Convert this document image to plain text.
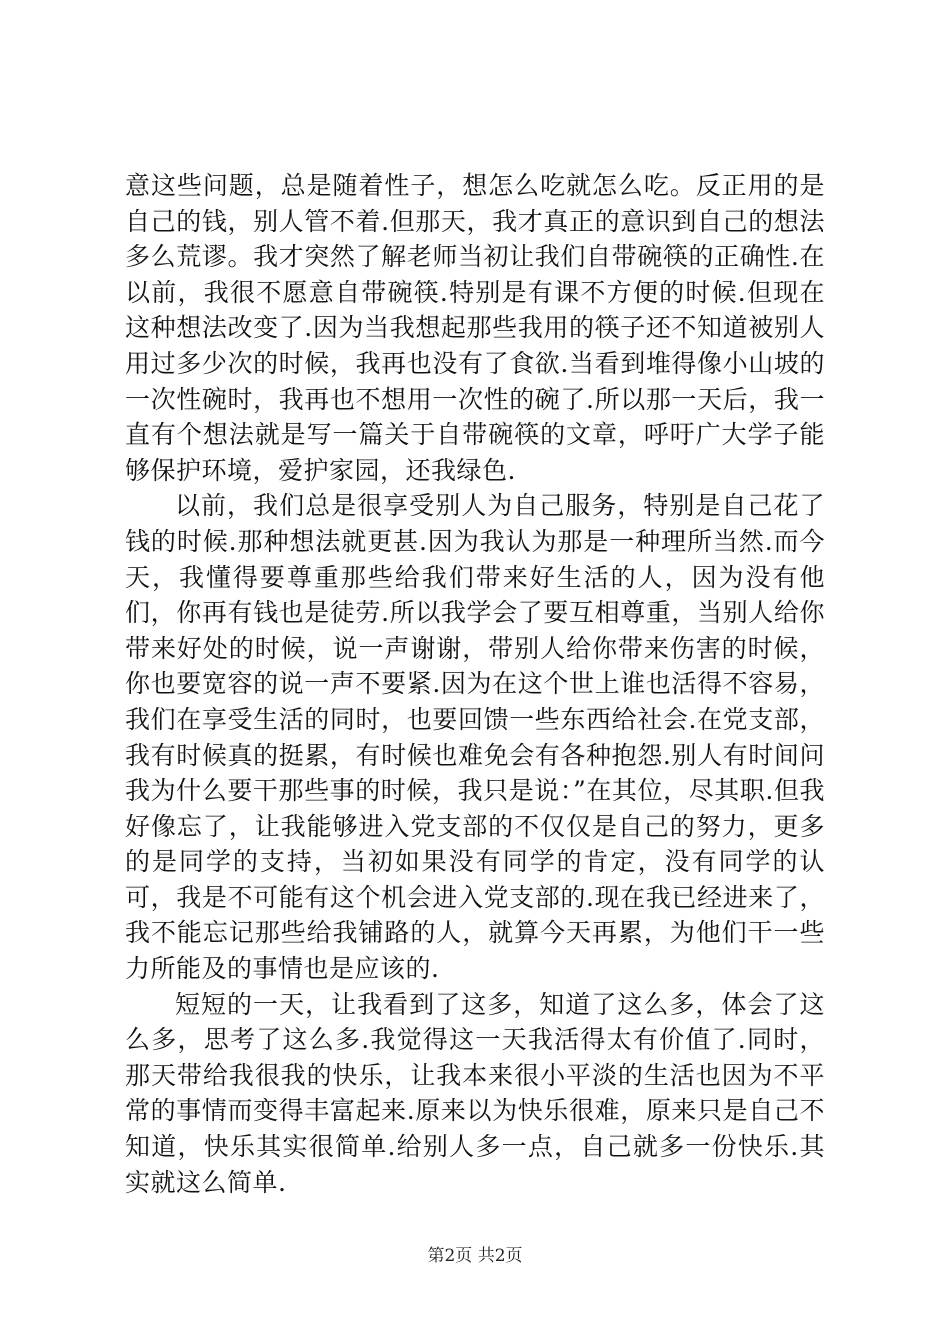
意这些问题，总是随着性子，想怎么吃就怎么吃。反正用的是自己的钱，别人管不着.但那天，我才真正的意识到自己的想法多么荒谬。我才突然了解老师当初让我们自带碗筷的正确性.在以前，我很不愿意自带碗筷.特别是有课不方便的时候.但现在这种想法改变了.因为当我想起那些我用的筷子还不知道被别人用过多少次的时候，我再也没有了食欲.当看到堆得像小山坡的一次性碗时，我再也不想用一次性的碗了.所以那一天后，我一直有个想法就是写一篇关于自带碗筷的文章，呼吁广大学子能够保护环境，爱护家园，还我绿色.

以前，我们总是很享受别人为自己服务，特别是自己花了钱的时候.那种想法就更甚.因为我认为那是一种理所当然.而今天，我懂得要尊重那些给我们带来好生活的人，因为没有他们，你再有钱也是徒劳.所以我学会了要互相尊重，当别人给你带来好处的时候，说一声谢谢，带别人给你带来伤害的时候，你也要宽容的说一声不要紧.因为在这个世上谁也活得不容易，我们在享受生活的同时，也要回馈一些东西给社会.在党支部，我有时候真的挺累，有时候也难免会有各种抱怨.别人有时间问我为什么要干那些事的时候，我只是说：”在其位，尽其职.但我好像忘了，让我能够进入党支部的不仅仅是自己的努力，更多的是同学的支持，当初如果没有同学的肯定，没有同学的认可，我是不可能有这个机会进入党支部的.现在我已经进来了，我不能忘记那些给我铺路的人，就算今天再累，为他们干一些力所能及的事情也是应该的.

短短的一天，让我看到了这多，知道了这么多，体会了这么多，思考了这么多.我觉得这一天我活得太有价值了.同时，那天带给我很我的快乐，让我本来很小平淡的生活也因为不平常的事情而变得丰富起来.原来以为快乐很难，原来只是自己不知道，快乐其实很简单.给别人多一点，自己就多一份快乐.其实就这么简单.

第2页 共2页
